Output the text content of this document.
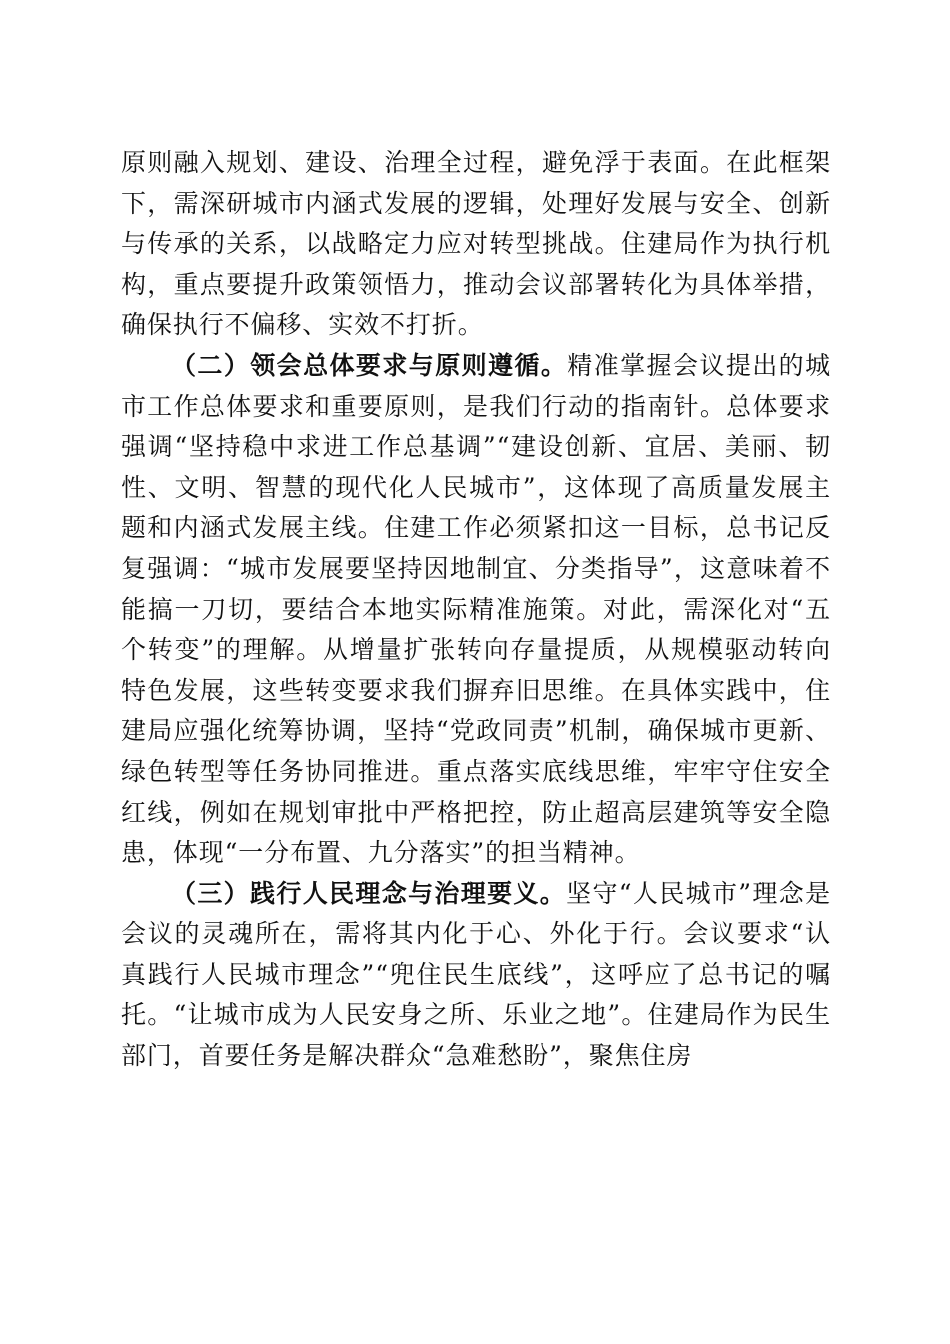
原则融入规划、建设、治理全过程，避免浮于表面。在此框架下，需深研城市内涵式发展的逻辑，处理好发展与安全、创新与传承的关系，以战略定力应对转型挑战。住建局作为执行机构，重点要提升政策领悟力，推动会议部署转化为具体举措，确保执行不偏移、实效不打折。

（二）领会总体要求与原则遵循。精准掌握会议提出的城市工作总体要求和重要原则，是我们行动的指南针。总体要求强调“坚持稳中求进工作总基调”“建设创新、宜居、美丽、韧性、文明、智慧的现代化人民城市”，这体现了高质量发展主题和内涵式发展主线。住建工作必须紧扣这一目标，总书记反复强调：“城市发展要坚持因地制宜、分类指导”，这意味着不能搞一刀切，要结合本地实际精准施策。对此，需深化对“五个转变”的理解。从增量扩张转向存量提质，从规模驱动转向特色发展，这些转变要求我们摒弃旧思维。在具体实践中，住建局应强化统筹协调，坚持“党政同责”机制，确保城市更新、绿色转型等任务协同推进。重点落实底线思维，牢牢守住安全红线，例如在规划审批中严格把控，防止超高层建筑等安全隐患，体现“一分布置、九分落实”的担当精神。

（三）践行人民理念与治理要义。坚守“人民城市”理念是会议的灵魂所在，需将其内化于心、外化于行。会议要求“认真践行人民城市理念”“兜住民生底线”，这呼应了总书记的嘱托。“让城市成为人民安身之所、乐业之地”。住建局作为民生部门，首要任务是解决群众“急难愁盼”，聚焦住房
